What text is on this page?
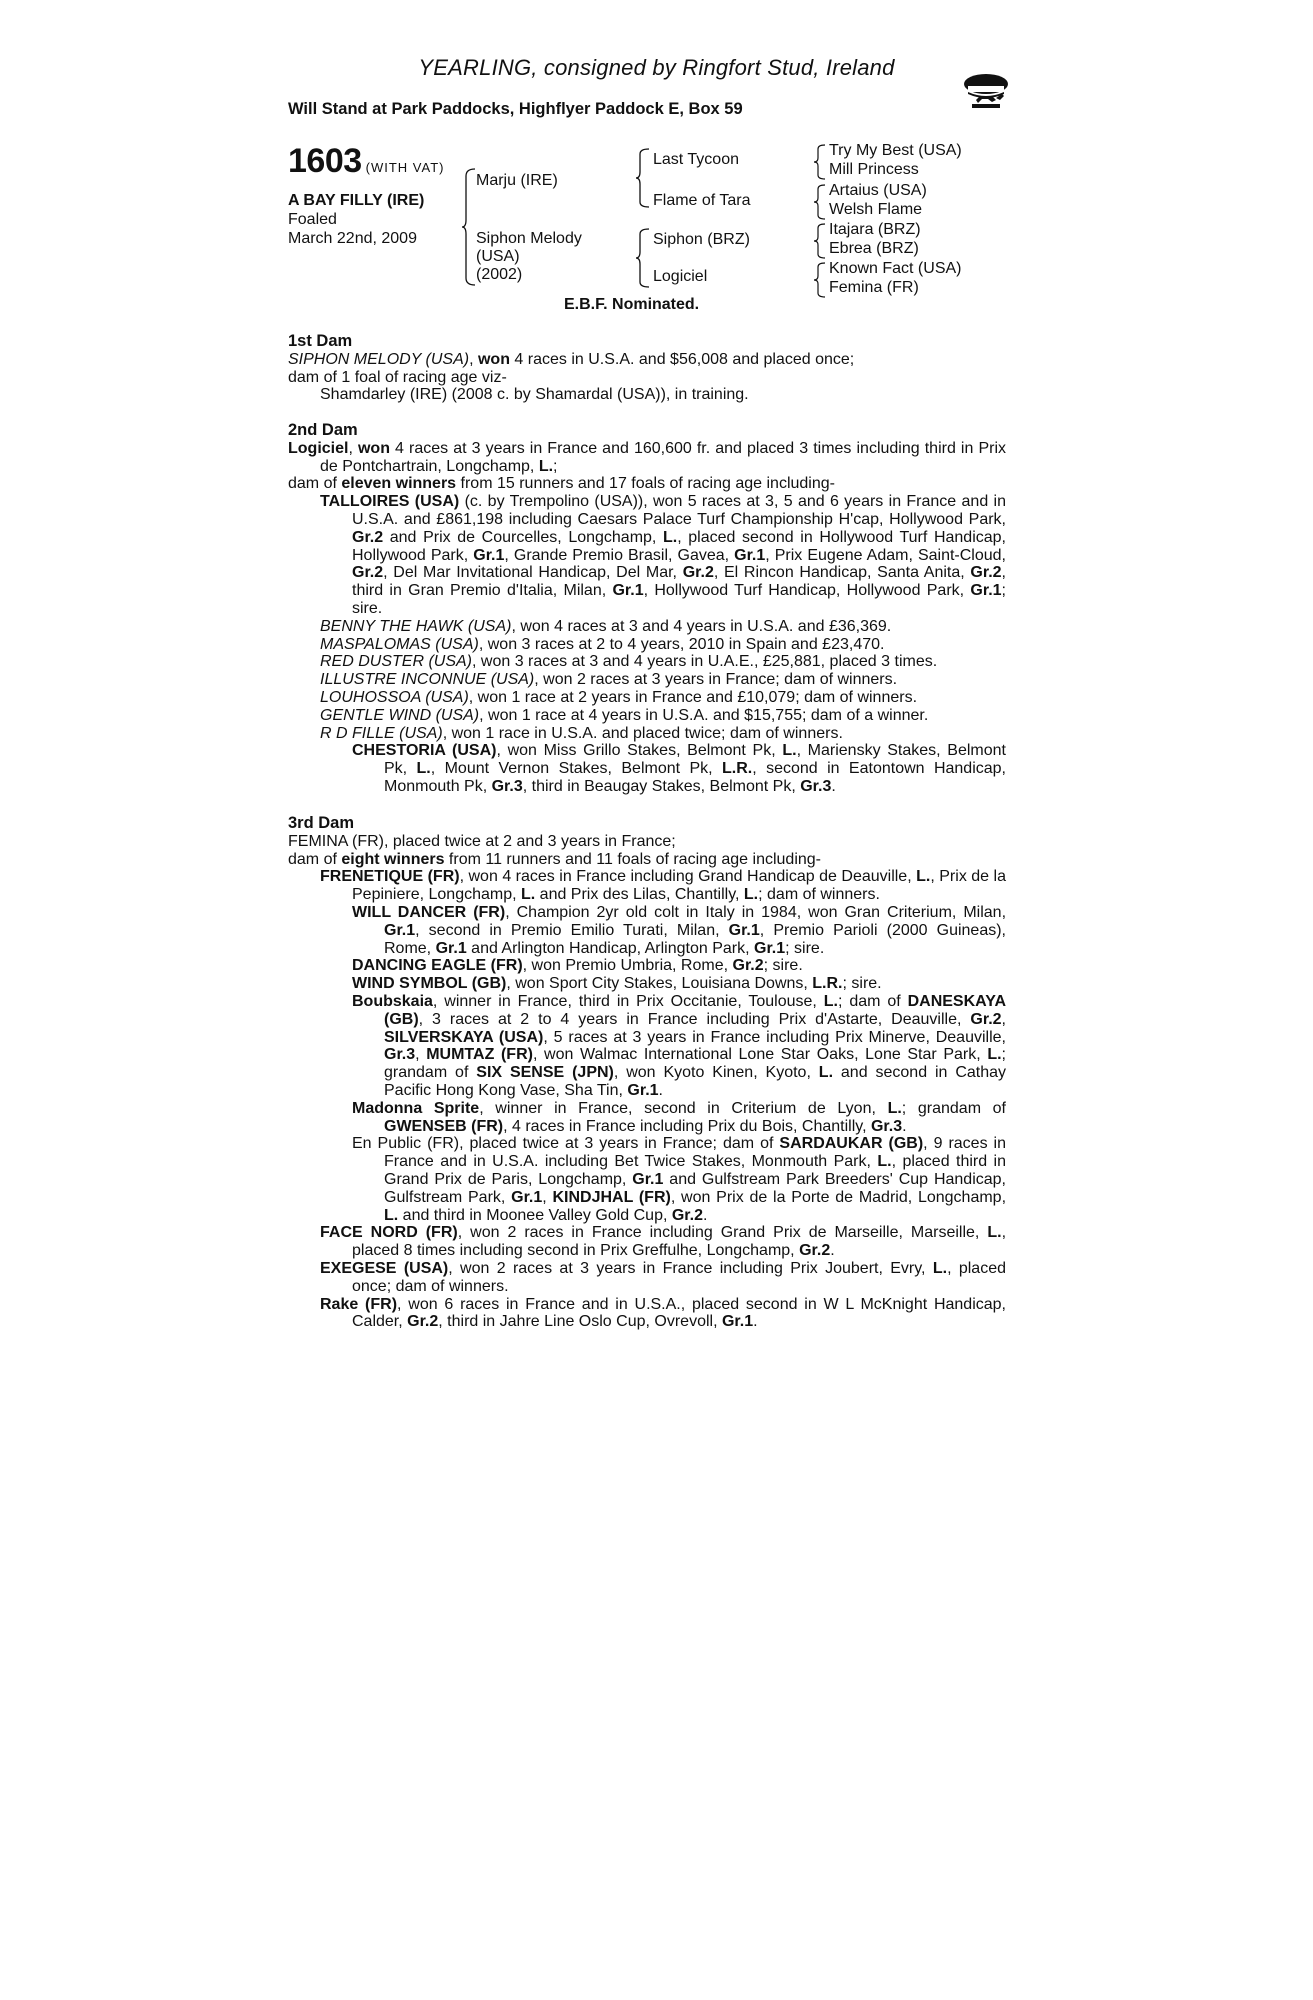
YEARLING, consigned by Ringfort Stud, Ireland
Will Stand at Park Paddocks, Highflyer Paddock E, Box 59
1603 (WITH VAT)
A BAY FILLY (IRE)
Foaled
March 22nd, 2009
Marju (IRE)
Siphon Melody
(USA)
(2002)
Last Tycoon
Flame of Tara
Siphon (BRZ)
Logiciel
Try My Best (USA)
Mill Princess
Artaius (USA)
Welsh Flame
Itajara (BRZ)
Ebrea (BRZ)
Known Fact (USA)
Femina (FR)
E.B.F. Nominated.

1st Dam

SIPHON MELODY (USA), won 4 races in U.S.A. and $56,008 and placed once;

dam of 1 foal of racing age viz-

Shamdarley (IRE) (2008 c. by Shamardal (USA)), in training.

2nd Dam

Logiciel, won 4 races at 3 years in France and 160,600 fr. and placed 3 times including third in Prix de Pontchartrain, Longchamp, L.;

dam of eleven winners from 15 runners and 17 foals of racing age including-

TALLOIRES (USA) (c. by Trempolino (USA)), won 5 races at 3, 5 and 6 years in France and in U.S.A. and £861,198 including Caesars Palace Turf Championship H'cap, Hollywood Park, Gr.2 and Prix de Courcelles, Longchamp, L., placed second in Hollywood Turf Handicap, Hollywood Park, Gr.1, Grande Premio Brasil, Gavea, Gr.1, Prix Eugene Adam, Saint-Cloud, Gr.2, Del Mar Invitational Handicap, Del Mar, Gr.2, El Rincon Handicap, Santa Anita, Gr.2, third in Gran Premio d'Italia, Milan, Gr.1, Hollywood Turf Handicap, Hollywood Park, Gr.1; sire.

BENNY THE HAWK (USA), won 4 races at 3 and 4 years in U.S.A. and £36,369.

MASPALOMAS (USA), won 3 races at 2 to 4 years, 2010 in Spain and £23,470.

RED DUSTER (USA), won 3 races at 3 and 4 years in U.A.E., £25,881, placed 3 times.

ILLUSTRE INCONNUE (USA), won 2 races at 3 years in France; dam of winners.

LOUHOSSOA (USA), won 1 race at 2 years in France and £10,079; dam of winners.

GENTLE WIND (USA), won 1 race at 4 years in U.S.A. and $15,755; dam of a winner.

R D FILLE (USA), won 1 race in U.S.A. and placed twice; dam of winners.

CHESTORIA (USA), won Miss Grillo Stakes, Belmont Pk, L., Mariensky Stakes, Belmont Pk, L., Mount Vernon Stakes, Belmont Pk, L.R., second in Eatontown Handicap, Monmouth Pk, Gr.3, third in Beaugay Stakes, Belmont Pk, Gr.3.

3rd Dam

FEMINA (FR), placed twice at 2 and 3 years in France;

dam of eight winners from 11 runners and 11 foals of racing age including-

FRENETIQUE (FR), won 4 races in France including Grand Handicap de Deauville, L., Prix de la Pepiniere, Longchamp, L. and Prix des Lilas, Chantilly, L.; dam of winners.

WILL DANCER (FR), Champion 2yr old colt in Italy in 1984, won Gran Criterium, Milan, Gr.1, second in Premio Emilio Turati, Milan, Gr.1, Premio Parioli (2000 Guineas), Rome, Gr.1 and Arlington Handicap, Arlington Park, Gr.1; sire.

DANCING EAGLE (FR), won Premio Umbria, Rome, Gr.2; sire.

WIND SYMBOL (GB), won Sport City Stakes, Louisiana Downs, L.R.; sire.

Boubskaia, winner in France, third in Prix Occitanie, Toulouse, L.; dam of DANESKAYA (GB), 3 races at 2 to 4 years in France including Prix d'Astarte, Deauville, Gr.2, SILVERSKAYA (USA), 5 races at 3 years in France including Prix Minerve, Deauville, Gr.3, MUMTAZ (FR), won Walmac International Lone Star Oaks, Lone Star Park, L.; grandam of SIX SENSE (JPN), won Kyoto Kinen, Kyoto, L. and second in Cathay Pacific Hong Kong Vase, Sha Tin, Gr.1.

Madonna Sprite, winner in France, second in Criterium de Lyon, L.; grandam of GWENSEB (FR), 4 races in France including Prix du Bois, Chantilly, Gr.3.

En Public (FR), placed twice at 3 years in France; dam of SARDAUKAR (GB), 9 races in France and in U.S.A. including Bet Twice Stakes, Monmouth Park, L., placed third in Grand Prix de Paris, Longchamp, Gr.1 and Gulfstream Park Breeders' Cup Handicap, Gulfstream Park, Gr.1, KINDJHAL (FR), won Prix de la Porte de Madrid, Longchamp, L. and third in Moonee Valley Gold Cup, Gr.2.

FACE NORD (FR), won 2 races in France including Grand Prix de Marseille, Marseille, L., placed 8 times including second in Prix Greffulhe, Longchamp, Gr.2.

EXEGESE (USA), won 2 races at 3 years in France including Prix Joubert, Evry, L., placed once; dam of winners.

Rake (FR), won 6 races in France and in U.S.A., placed second in W L McKnight Handicap, Calder, Gr.2, third in Jahre Line Oslo Cup, Ovrevoll, Gr.1.
